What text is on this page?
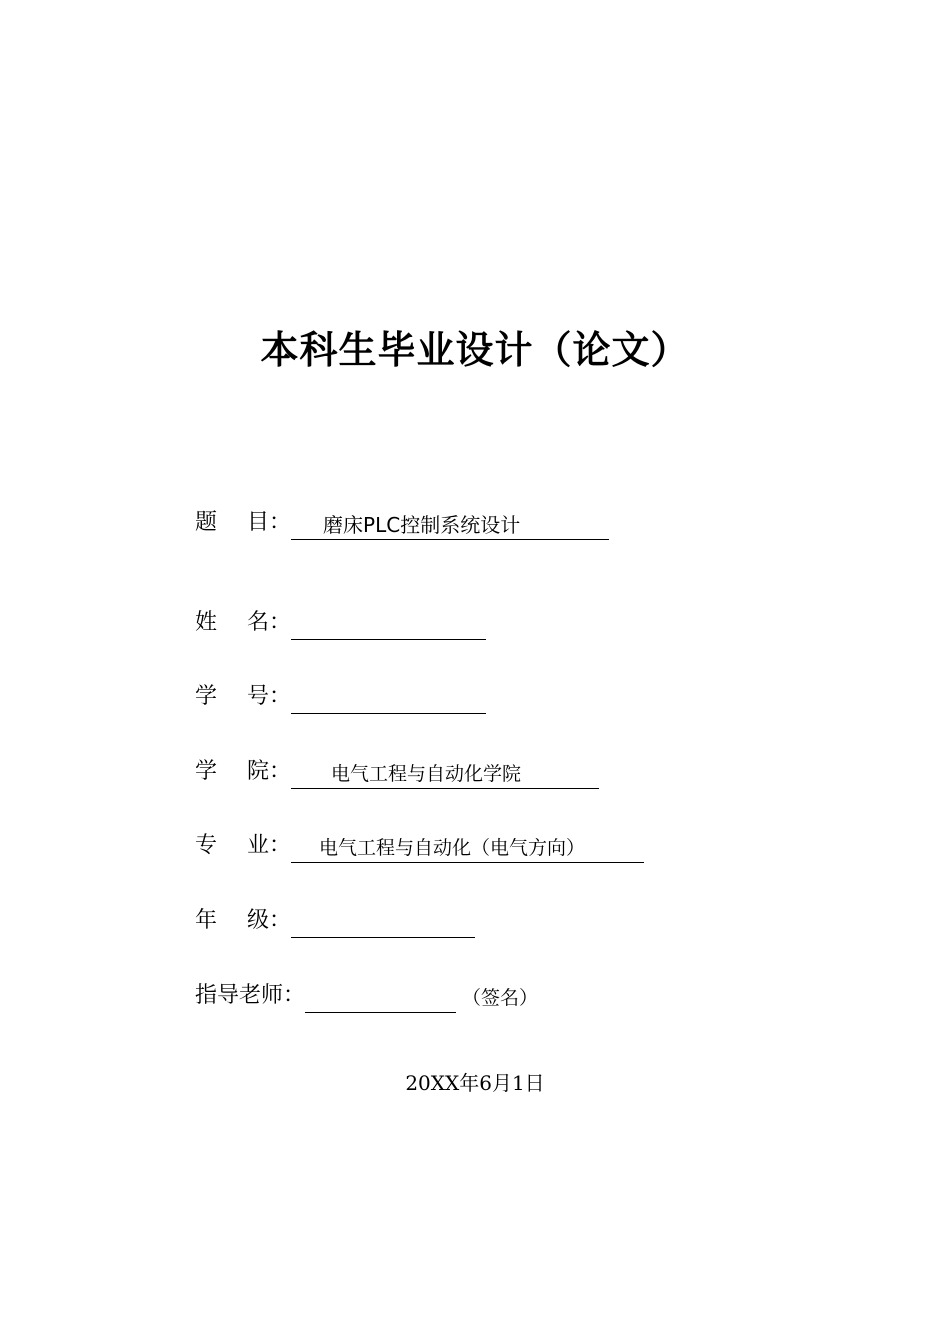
本科生毕业设计（论文）
题 目：	磨床PLC控制系统设计
姓 名：
学 号：
学 院：	电气工程与自动化学院
专 业：	电气工程与自动化（电气方向）
年 级：
指导老师：	（签名）
20XX年6月1日
